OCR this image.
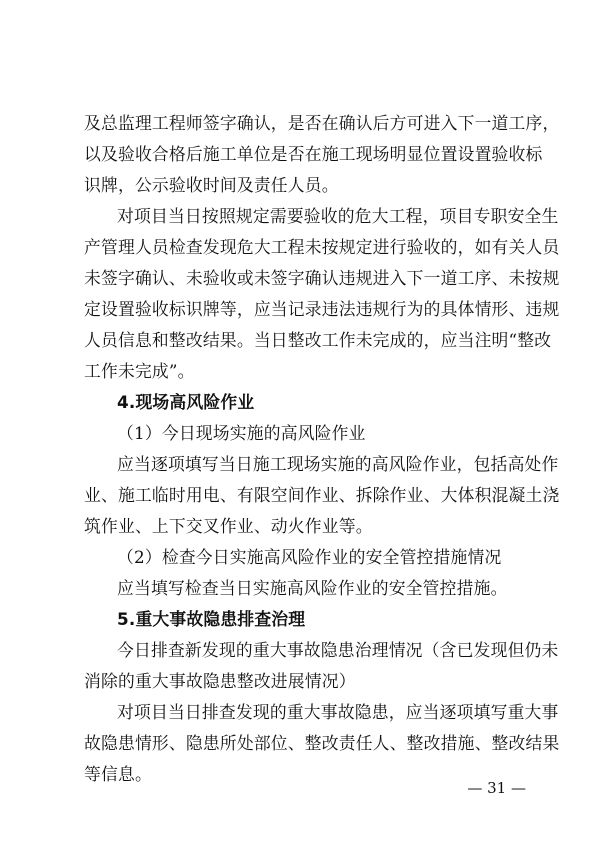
及总监理工程师签字确认，是否在确认后方可进入下一道工序，
以及验收合格后施工单位是否在施工现场明显位置设置验收标
识牌，公示验收时间及责任人员。
对项目当日按照规定需要验收的危大工程，项目专职安全生
产管理人员检查发现危大工程未按规定进行验收的，如有关人员
未签字确认、未验收或未签字确认违规进入下一道工序、未按规
定设置验收标识牌等，应当记录违法违规行为的具体情形、违规
人员信息和整改结果。当日整改工作未完成的，应当注明“整改
工作未完成”。
4.现场高风险作业
（1）今日现场实施的高风险作业
应当逐项填写当日施工现场实施的高风险作业，包括高处作
业、施工临时用电、有限空间作业、拆除作业、大体积混凝土浇
筑作业、上下交叉作业、动火作业等。
（2）检查今日实施高风险作业的安全管控措施情况
应当填写检查当日实施高风险作业的安全管控措施。
5.重大事故隐患排查治理
今日排查新发现的重大事故隐患治理情况（含已发现但仍未
消除的重大事故隐患整改进展情况）
对项目当日排查发现的重大事故隐患，应当逐项填写重大事
故隐患情形、隐患所处部位、整改责任人、整改措施、整改结果
等信息。
— 31 —
